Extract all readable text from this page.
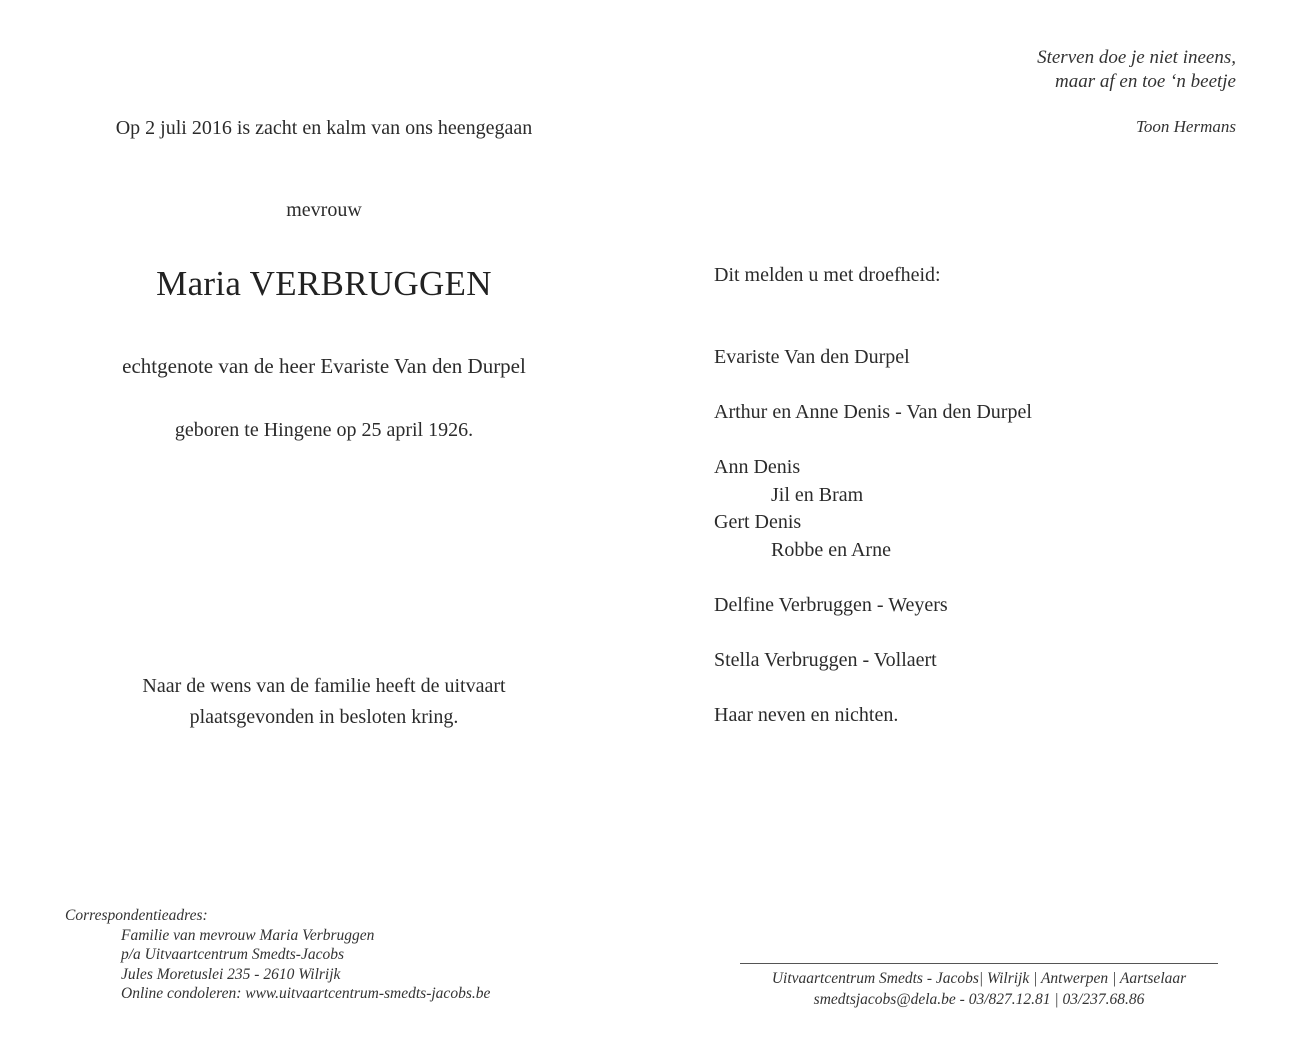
Sterven doe je niet ineens,
maar af en toe ‘n beetje
Toon Hermans
Op 2 juli 2016 is zacht en kalm van ons heengegaan
mevrouw
Maria VERBRUGGEN
echtgenote van de heer Evariste Van den Durpel
geboren te Hingene op 25 april 1926.
Naar de wens van de familie heeft de uitvaart
plaatsgevonden in besloten kring.
Dit melden u met droefheid:
Evariste Van den Durpel
Arthur en Anne Denis - Van den Durpel
Ann Denis
Jil en Bram
Gert Denis
Robbe en Arne
Delfine Verbruggen - Weyers
Stella Verbruggen - Vollaert
Haar neven en nichten.
Correspondentieadres:
Familie van mevrouw Maria Verbruggen
p/a Uitvaartcentrum Smedts-Jacobs
Jules Moretuslei 235 - 2610 Wilrijk
Online condoleren: www.uitvaartcentrum-smedts-jacobs.be
Uitvaartcentrum Smedts - Jacobs| Wilrijk | Antwerpen | Aartselaar
smedtsjacobs@dela.be - 03/827.12.81 | 03/237.68.86
